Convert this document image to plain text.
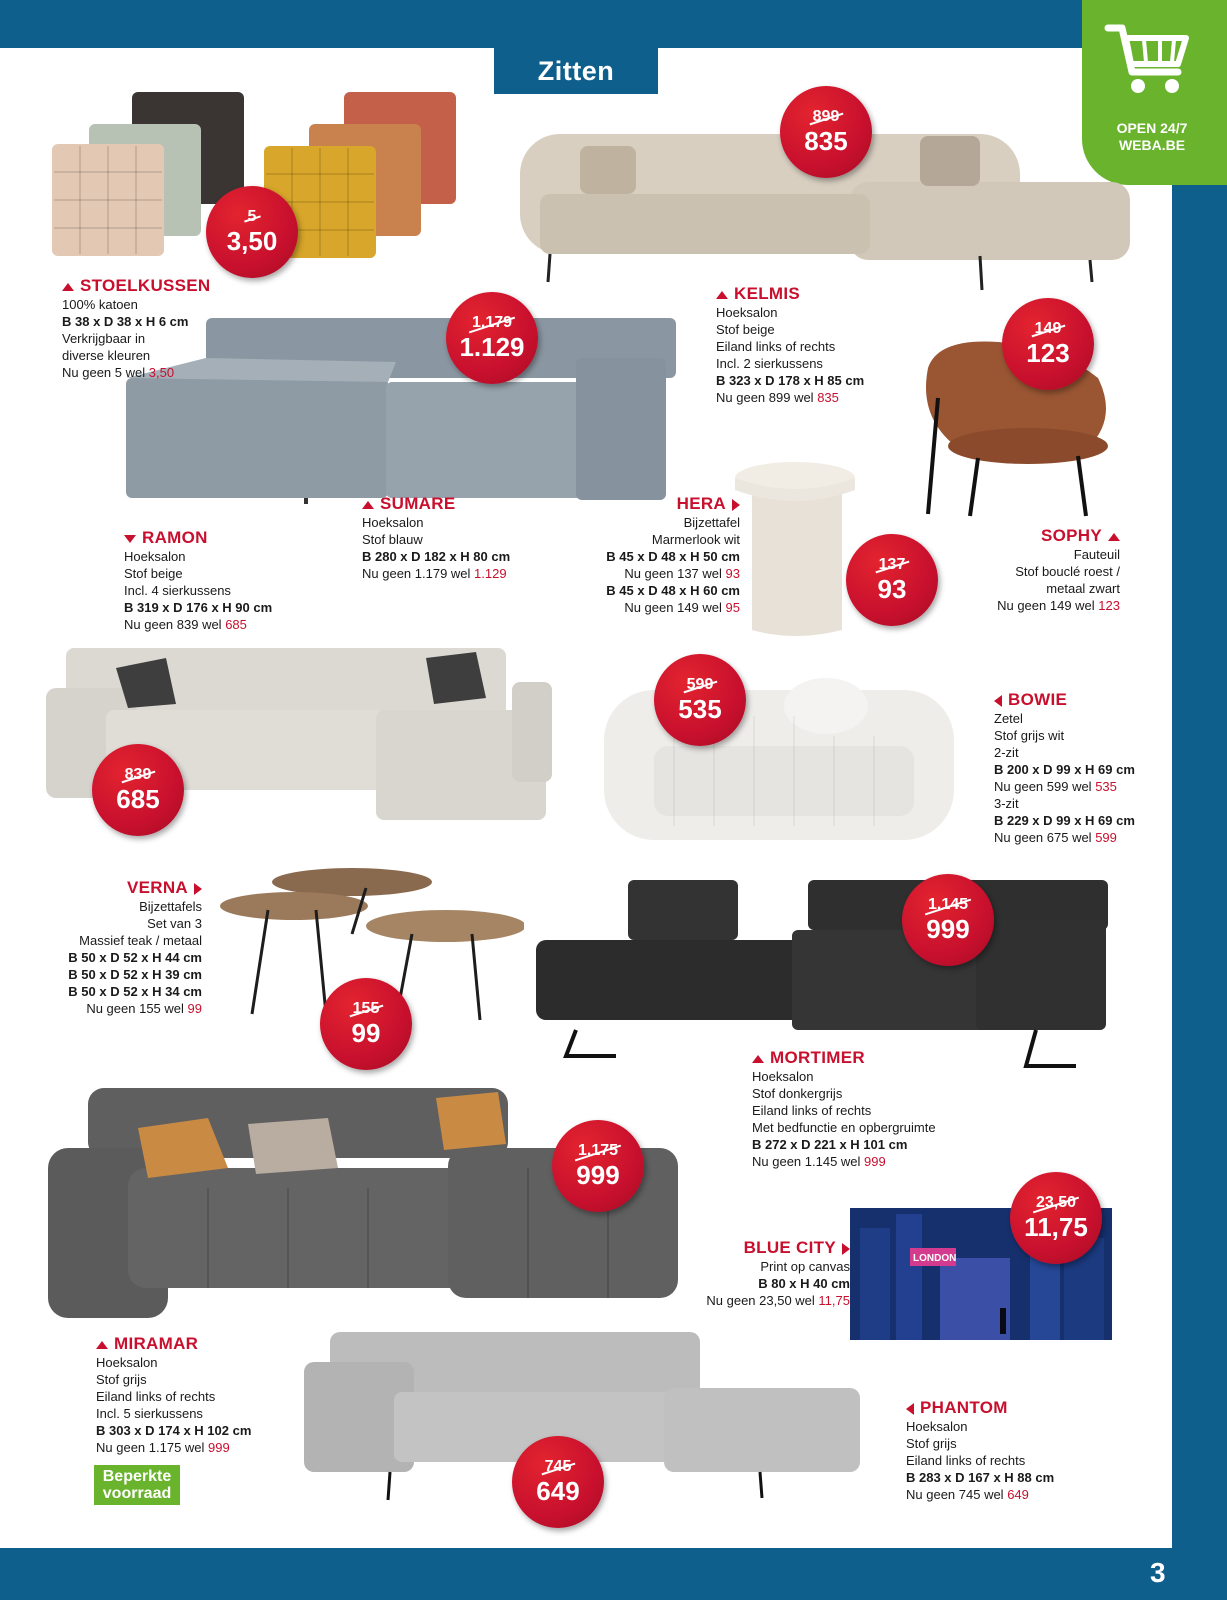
Zitten
OPEN 24/7
WEBA.BE
3
LONDON
5
3,50
899
835
1.179
1.129
149
123
137
93
839
685
599
535
155
99
1.145
999
1.175
999
23,50
11,75
745
649
STOELKUSSEN
100% katoen
B 38 x D 38 x H 6 cm
Verkrijgbaar in
diverse kleuren
Nu geen 5 wel 3,50
KELMIS
Hoeksalon
Stof beige
Eiland links of rechts
Incl. 2 sierkussens
B 323 x D 178 x H 85 cm
Nu geen 899 wel 835
SUMARE
Hoeksalon
Stof blauw
B 280 x D 182 x H 80 cm
Nu geen 1.179 wel 1.129
RAMON
Hoeksalon
Stof beige
Incl. 4 sierkussens
B 319 x D 176 x H 90 cm
Nu geen 839 wel 685
HERA
Bijzettafel
Marmerlook wit
B 45 x D 48 x H 50 cm
Nu geen 137 wel 93
B 45 x D 48 x H 60 cm
Nu geen 149 wel 95
SOPHY
Fauteuil
Stof bouclé roest /
metaal zwart
Nu geen 149 wel 123
BOWIE
Zetel
Stof grijs wit
2-zit
B 200 x D 99 x H 69 cm
Nu geen 599 wel 535
3-zit
B 229 x D 99 x H 69 cm
Nu geen 675 wel 599
VERNA
Bijzettafels
Set van 3
Massief teak / metaal
B 50 x D 52 x H 44 cm
B 50 x D 52 x H 39 cm
B 50 x D 52 x H 34 cm
Nu geen 155 wel 99
MORTIMER
Hoeksalon
Stof donkergrijs
Eiland links of rechts
Met bedfunctie en opbergruimte
B 272 x D 221 x H 101 cm
Nu geen 1.145 wel 999
BLUE CITY
Print op canvas
B 80 x H 40 cm
Nu geen 23,50 wel 11,75
MIRAMAR
Hoeksalon
Stof grijs
Eiland links of rechts
Incl. 5 sierkussens
B 303 x D 174 x H 102 cm
Nu geen 1.175 wel 999
Beperkte
voorraad
PHANTOM
Hoeksalon
Stof grijs
Eiland links of rechts
B 283 x D 167 x H 88 cm
Nu geen 745 wel 649
